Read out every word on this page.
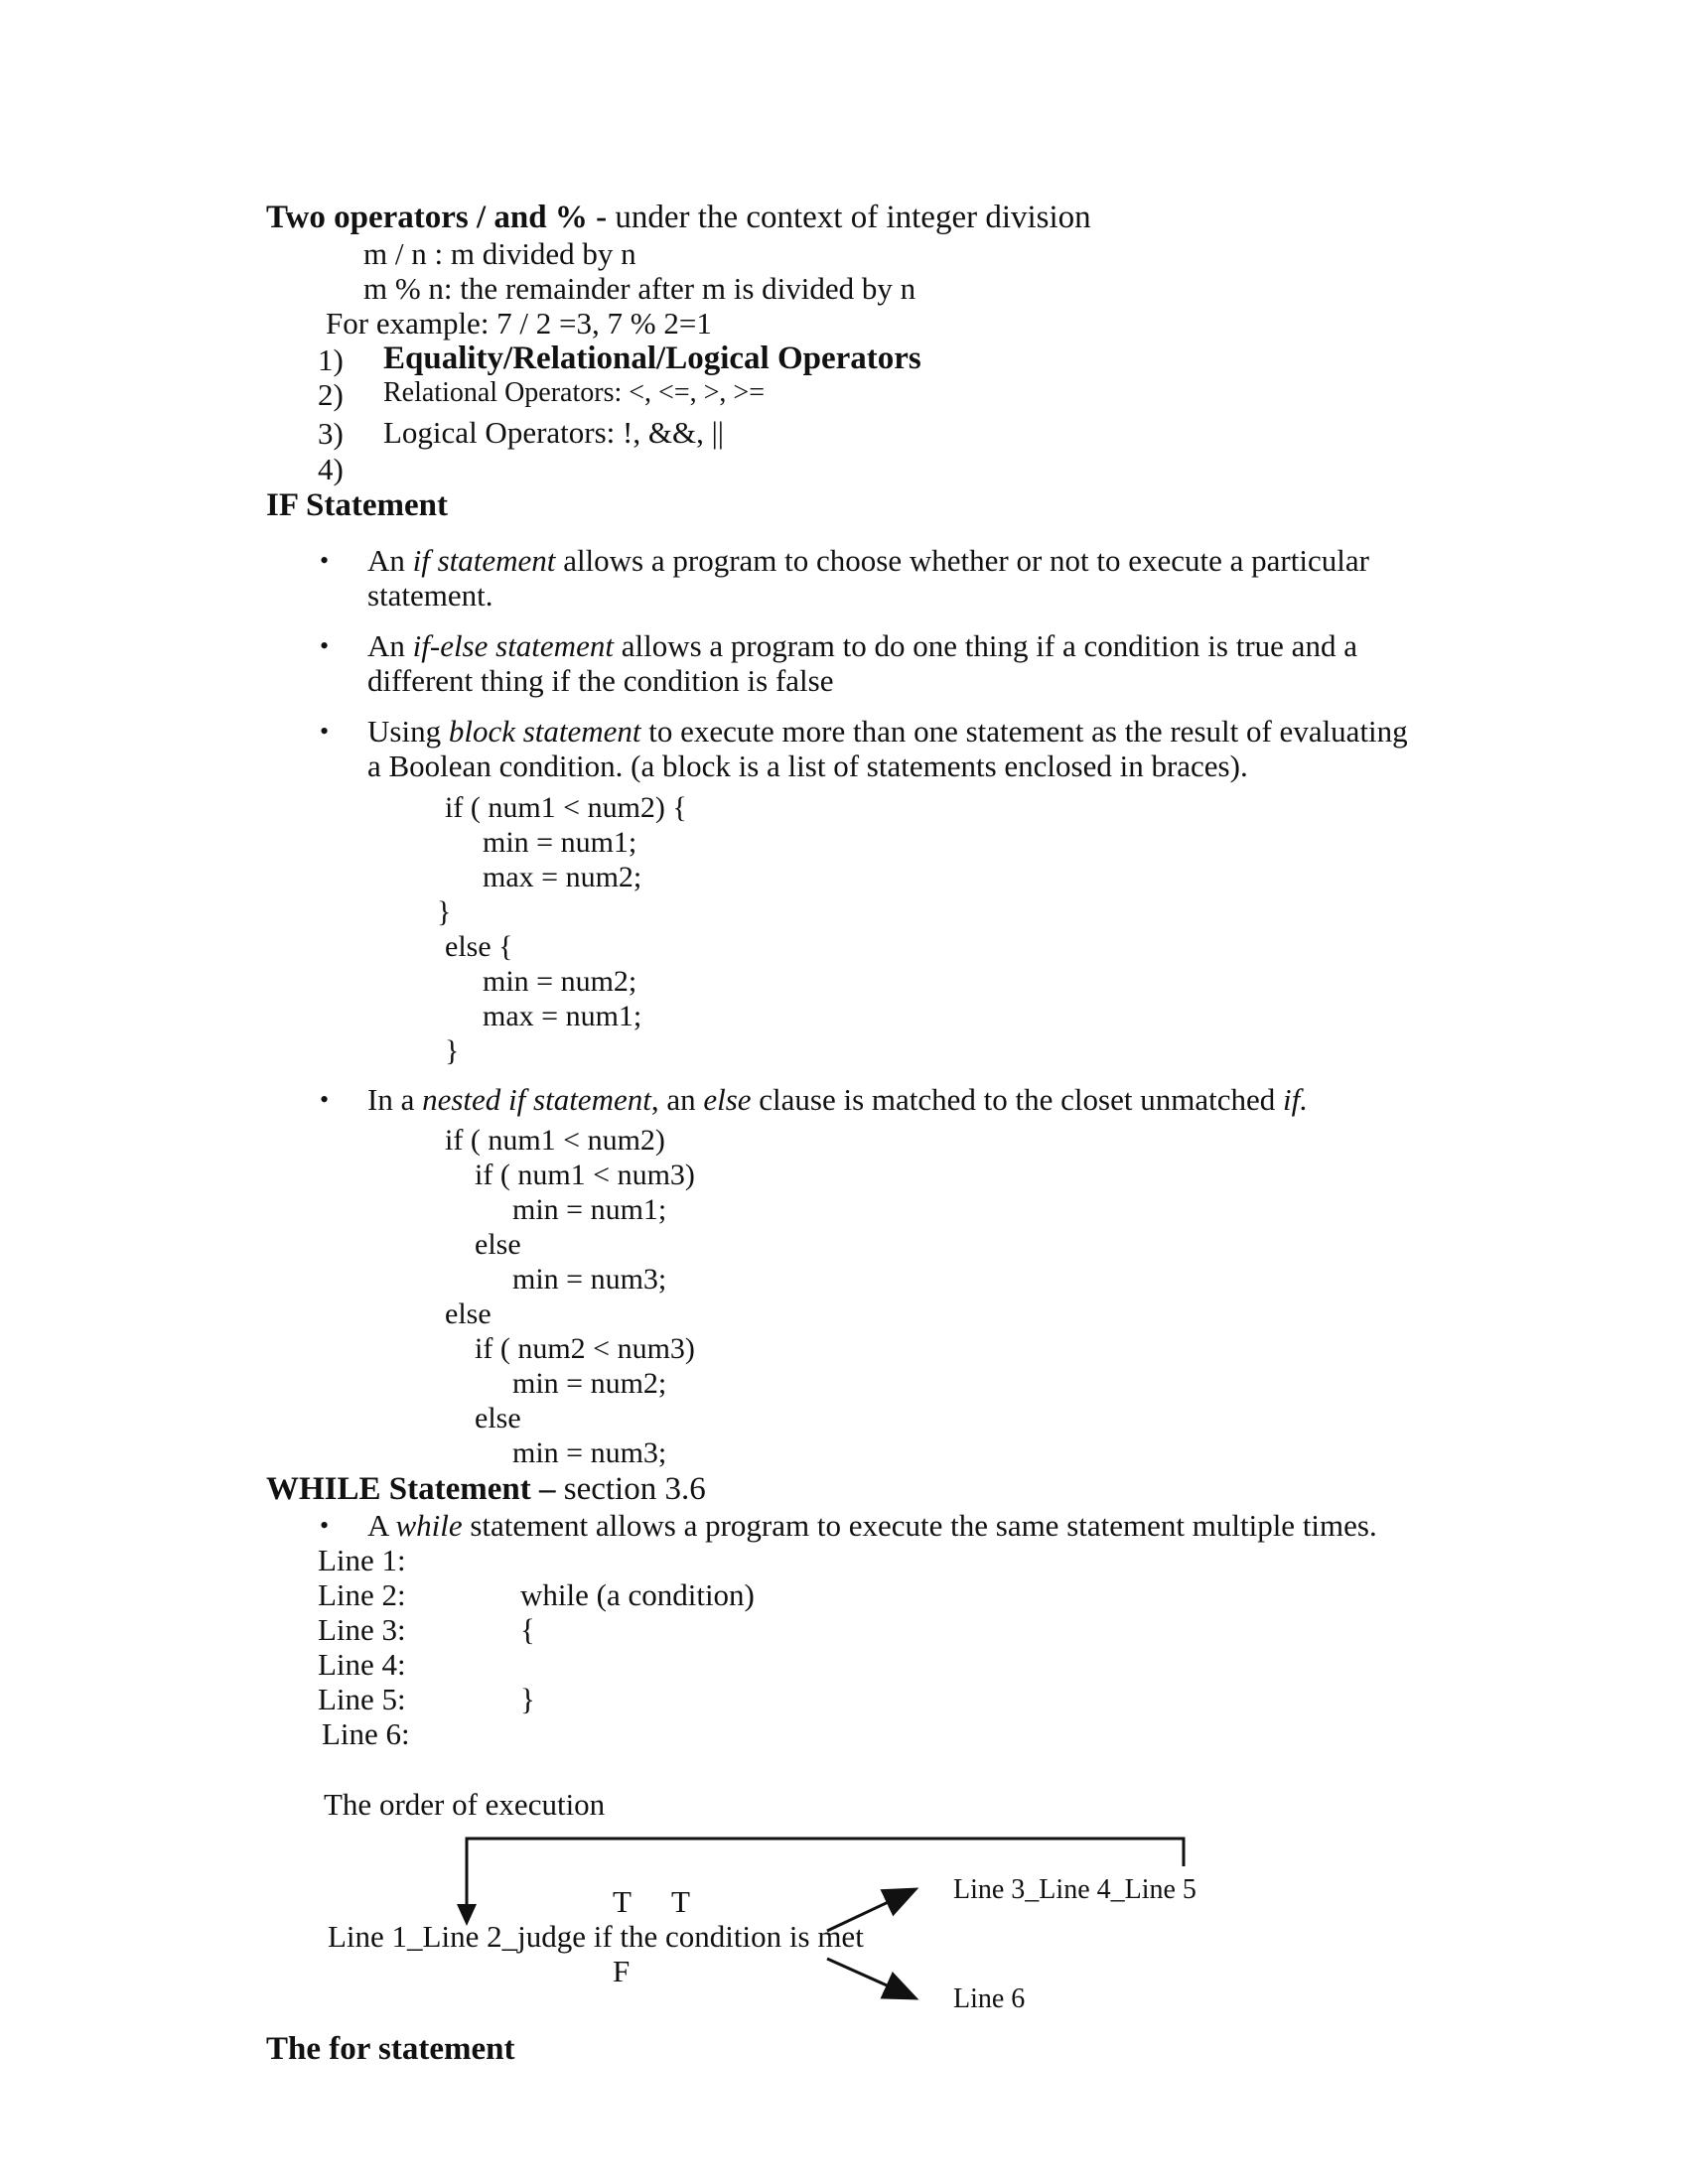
Two operators / and % - under the context of integer division
m / n : m divided by n
m % n: the remainder after m is divided by n
For example: 7 / 2 =3, 7 % 2=1
1) Equality/Relational/Logical Operators
2) Relational Operators: <, <=, >, >=
3) Logical Operators: !, &&, ||
4)
IF Statement
• An if statement allows a program to choose whether or not to execute a particular
statement.
• An if-else statement allows a program to do one thing if a condition is true and a
different thing if the condition is false
• Using block statement to execute more than one statement as the result of evaluating
a Boolean condition. (a block is a list of statements enclosed in braces).
if ( num1 < num2) {
min = num1;
max = num2;
}
else {
min = num2;
max = num1;
}
• In a nested if statement, an else clause is matched to the closet unmatched if.
if ( num1 < num2)
if ( num1 < num3)
min = num1;
else
min = num3;
else
if ( num2 < num3)
min = num2;
else
min = num3;
WHILE Statement – section 3.6
• A while statement allows a program to execute the same statement multiple times.
Line 1:
Line 2:
Line 3:
Line 4:
Line 5:
Line 6:
while (a condition)
{
}
The order of execution
T T
Line 1_Line 2_judge if the condition is met
F
Line 3_Line 4_Line 5
Line 6
The for statement
